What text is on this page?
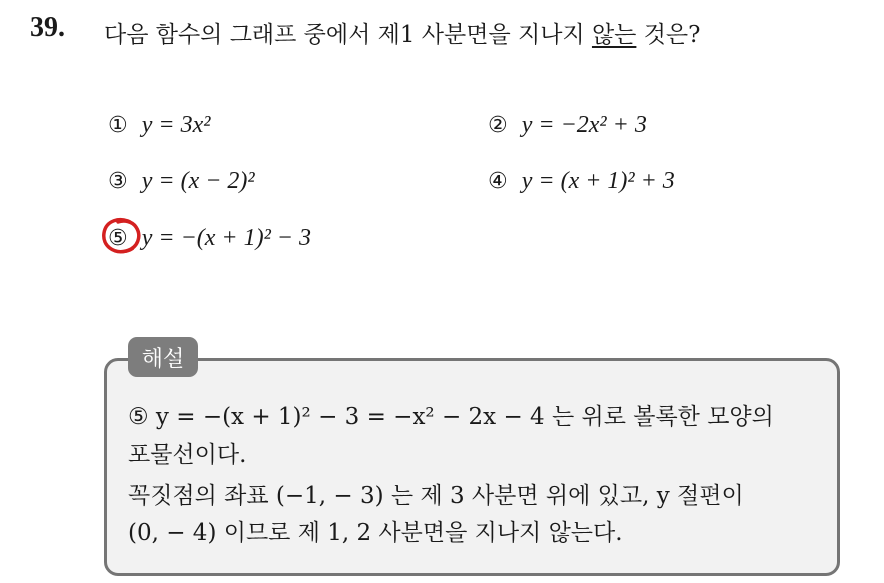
39. 다음 함수의 그래프 중에서 제1 사분면을 지나지 않는 것은?
① y = 3x²	② y = −2x² + 3
③ y = (x − 2)²	④ y = (x + 1)² + 3
⑤ y = −(x + 1)² − 3
해설
⑤ y = −(x + 1)² − 3 = −x² − 2x − 4 는 위로 볼록한 모양의
포물선이다.
꼭짓점의 좌표 (−1, − 3) 는 제 3 사분면 위에 있고, y 절편이
(0, − 4) 이므로 제 1, 2 사분면을 지나지 않는다.
